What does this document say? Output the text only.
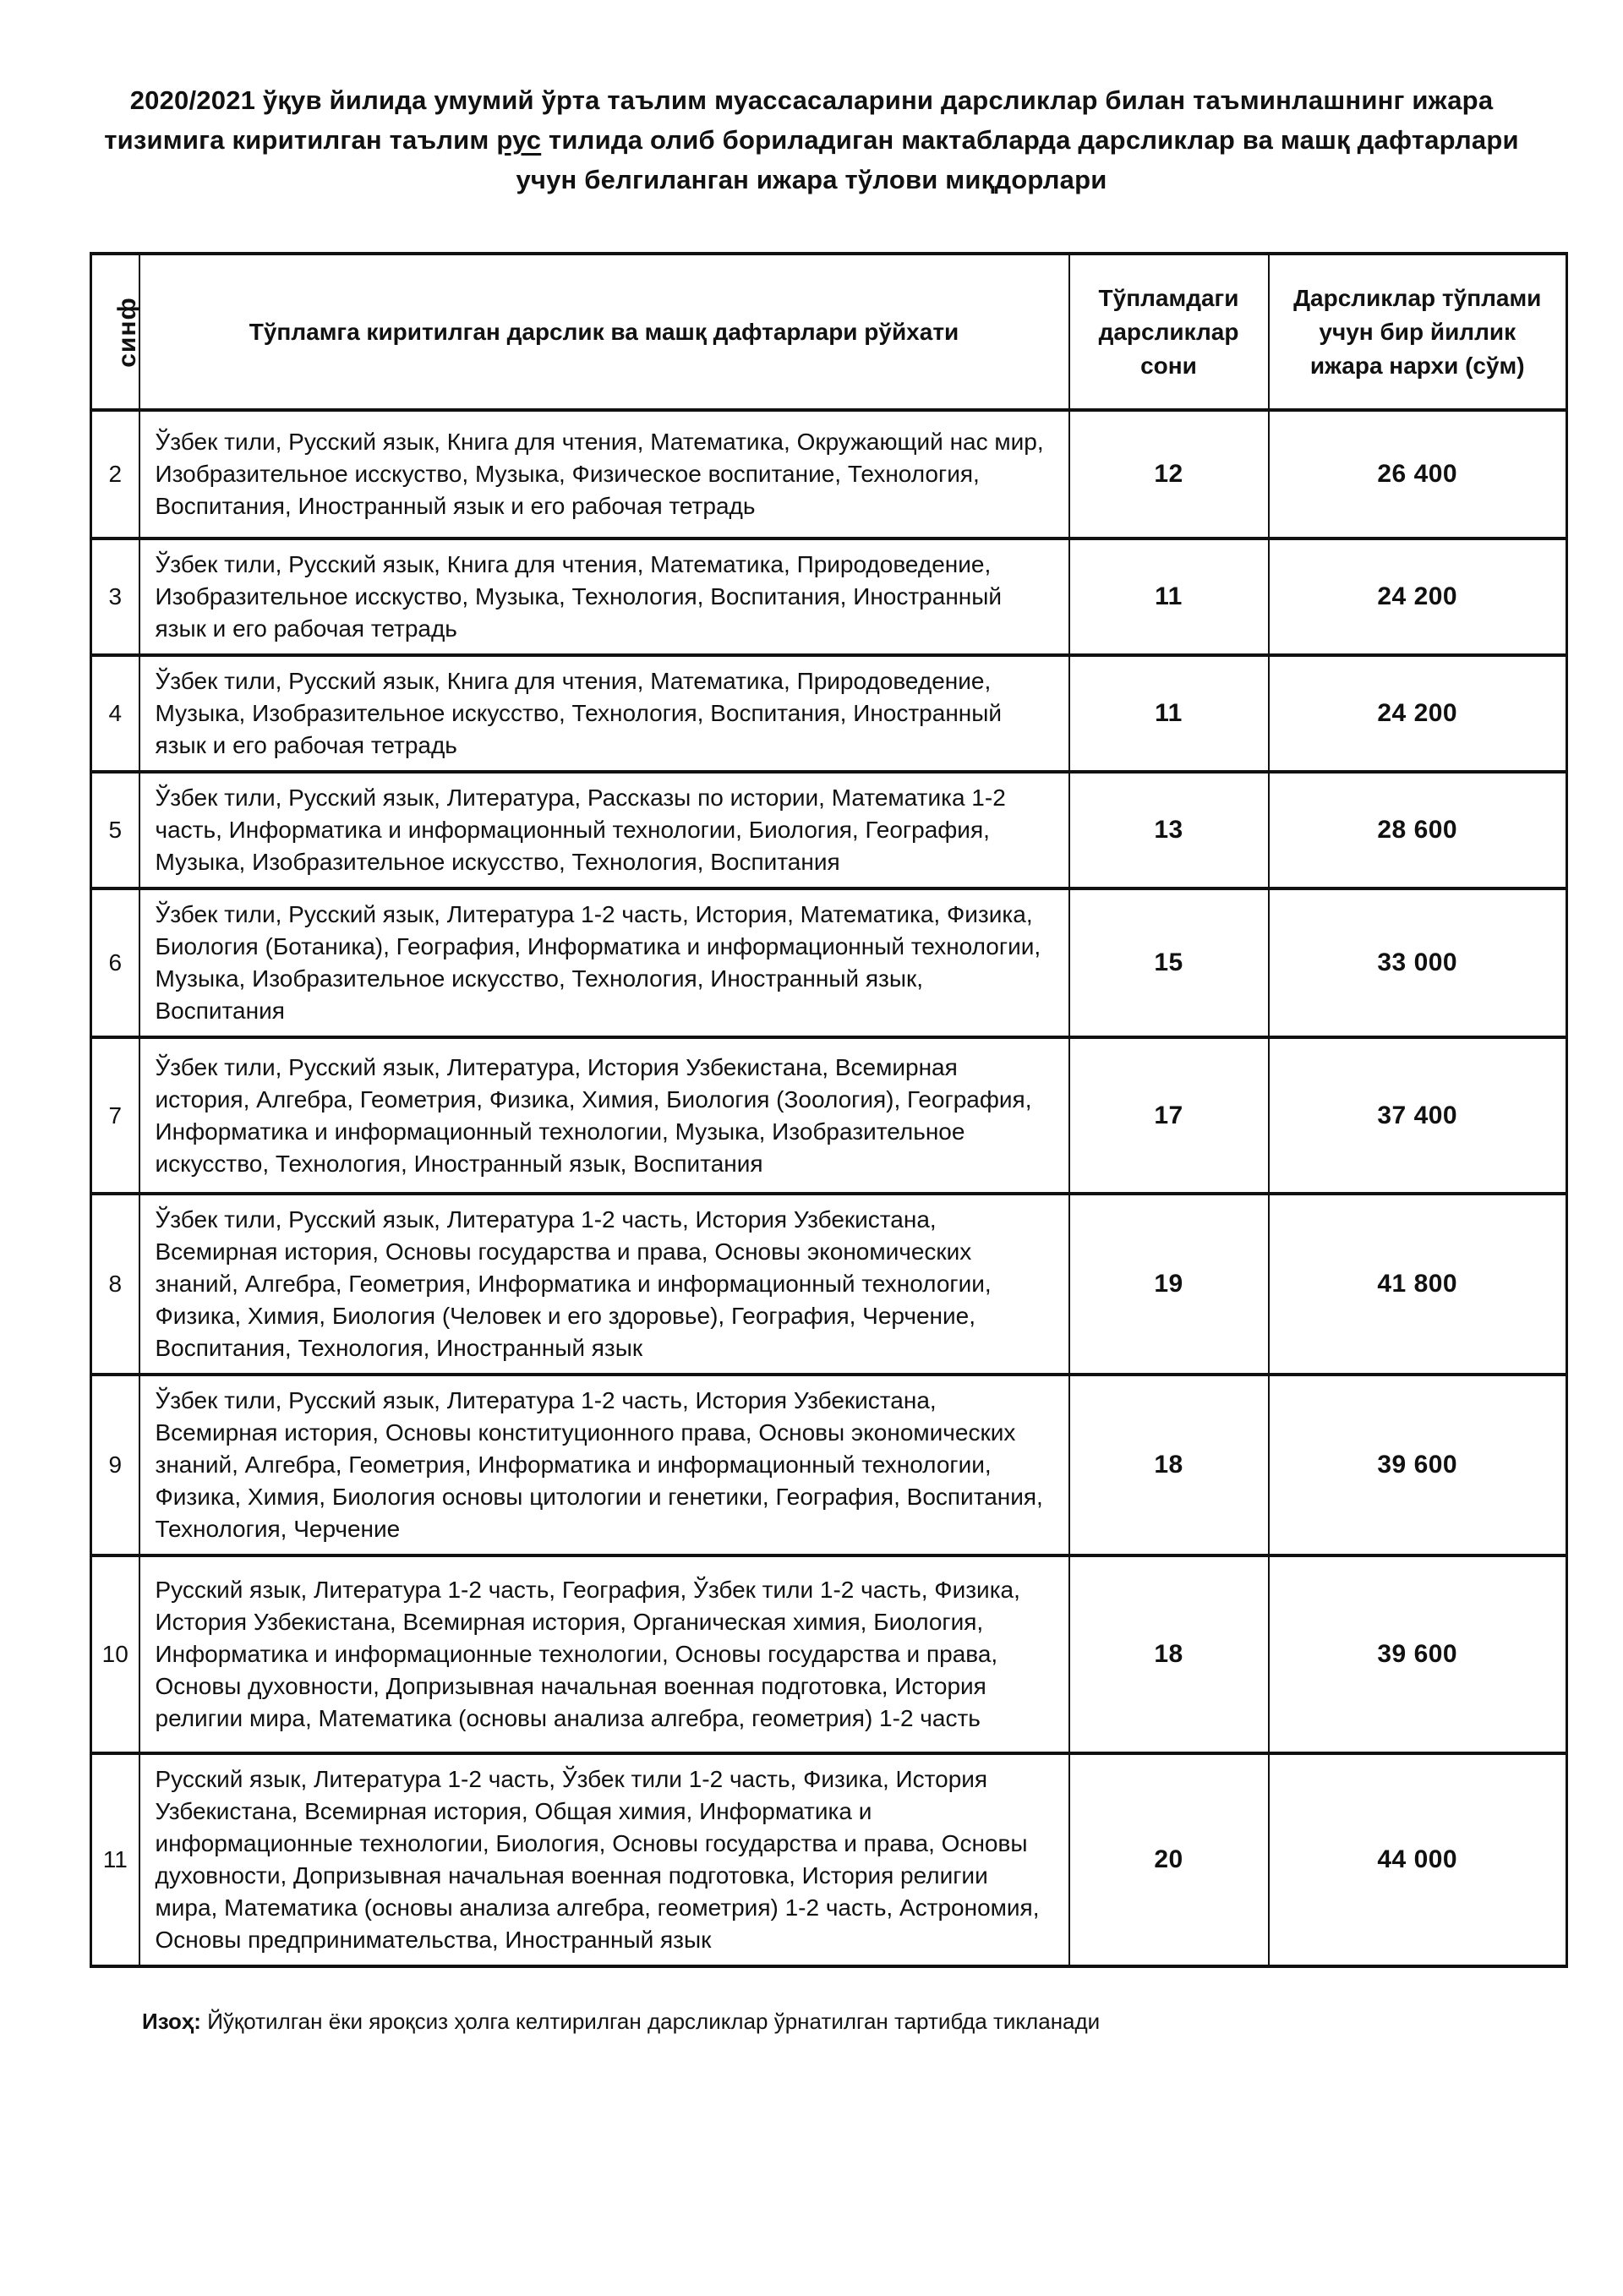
2020/2021 ўқув йилида умумий ўрта таълим муассасаларини дарсликлар билан таъминлашнинг ижара тизимига киритилган таълим рус тилида олиб бориладиган мактабларда дарсликлар ва машқ дафтарлари учун белгиланган ижара тўлови миқдорлари
синф	Тўпламга киритилган дарслик ва машқ дафтарлари рўйхати	Тўпламдаги дарсликлар сони	Дарсликлар тўплами учун бир йиллик ижара нархи (сўм)
2	Ўзбек тили, Русский язык, Книга для чтения, Математика, Окружающий нас мир, Изобразительное исскуство, Музыка, Физическое воспитание, Технология, Воспитания, Иностранный язык и его рабочая тетрадь	12	26 400
3	Ўзбек тили, Русский язык, Книга для чтения, Математика, Природоведение, Изобразительное исскуство, Музыка, Технология, Воспитания, Иностранный язык и его рабочая тетрадь	11	24 200
4	Ўзбек тили, Русский язык, Книга для чтения, Математика, Природоведение, Музыка, Изобразительное искусство, Технология, Воспитания, Иностранный язык и его рабочая тетрадь	11	24 200
5	Ўзбек тили, Русский язык, Литература, Рассказы по истории, Математика 1-2 часть, Информатика и информационный технологии, Биология, География, Музыка, Изобразительное искусство, Технология, Воспитания	13	28 600
6	Ўзбек тили, Русский язык, Литература 1-2 часть, История, Математика, Физика, Биология (Ботаника), География, Информатика и информационный технологии, Музыка, Изобразительное искусство, Технология, Иностранный язык, Воспитания	15	33 000
7	Ўзбек тили, Русский язык, Литература, История Узбекистана, Всемирная история, Алгебра, Геометрия, Физика, Химия, Биология (Зоология), География, Информатика и информационный технологии, Музыка, Изобразительное искусство, Технология, Иностранный язык, Воспитания	17	37 400
8	Ўзбек тили, Русский язык, Литература 1-2 часть, История Узбекистана, Всемирная история, Основы государства и права, Основы экономических знаний, Алгебра, Геометрия, Информатика и информационный технологии, Физика, Химия, Биология (Человек и его здоровье), География, Черчение, Воспитания, Технология, Иностранный язык	19	41 800
9	Ўзбек тили, Русский язык, Литература 1-2 часть, История Узбекистана, Всемирная история, Основы конституционного права, Основы экономических знаний, Алгебра, Геометрия, Информатика и информационный технологии, Физика, Химия, Биология основы цитологии и генетики, География, Воспитания, Технология, Черчение	18	39 600
10	Русский язык, Литература 1-2 часть, География, Ўзбек тили 1-2 часть, Физика, История Узбекистана, Всемирная история, Органическая химия, Биология, Информатика и информационные технологии, Основы государства и права, Основы духовности, Допризывная начальная военная подготовка, История религии мира, Математика (основы анализа алгебра, геометрия) 1-2 часть	18	39 600
11	Русский язык, Литература 1-2 часть, Ўзбек тили 1-2 часть, Физика, История Узбекистана, Всемирная история, Общая химия, Информатика и информационные технологии, Биология, Основы государства и права, Основы духовности, Допризывная начальная военная подготовка, История религии мира, Математика (основы анализа алгебра, геометрия) 1-2 часть, Астрономия, Основы предпринимательства, Иностранный язык	20	44 000
Изоҳ: Йўқотилган ёки яроқсиз ҳолга келтирилган дарсликлар ўрнатилган тартибда тикланади
